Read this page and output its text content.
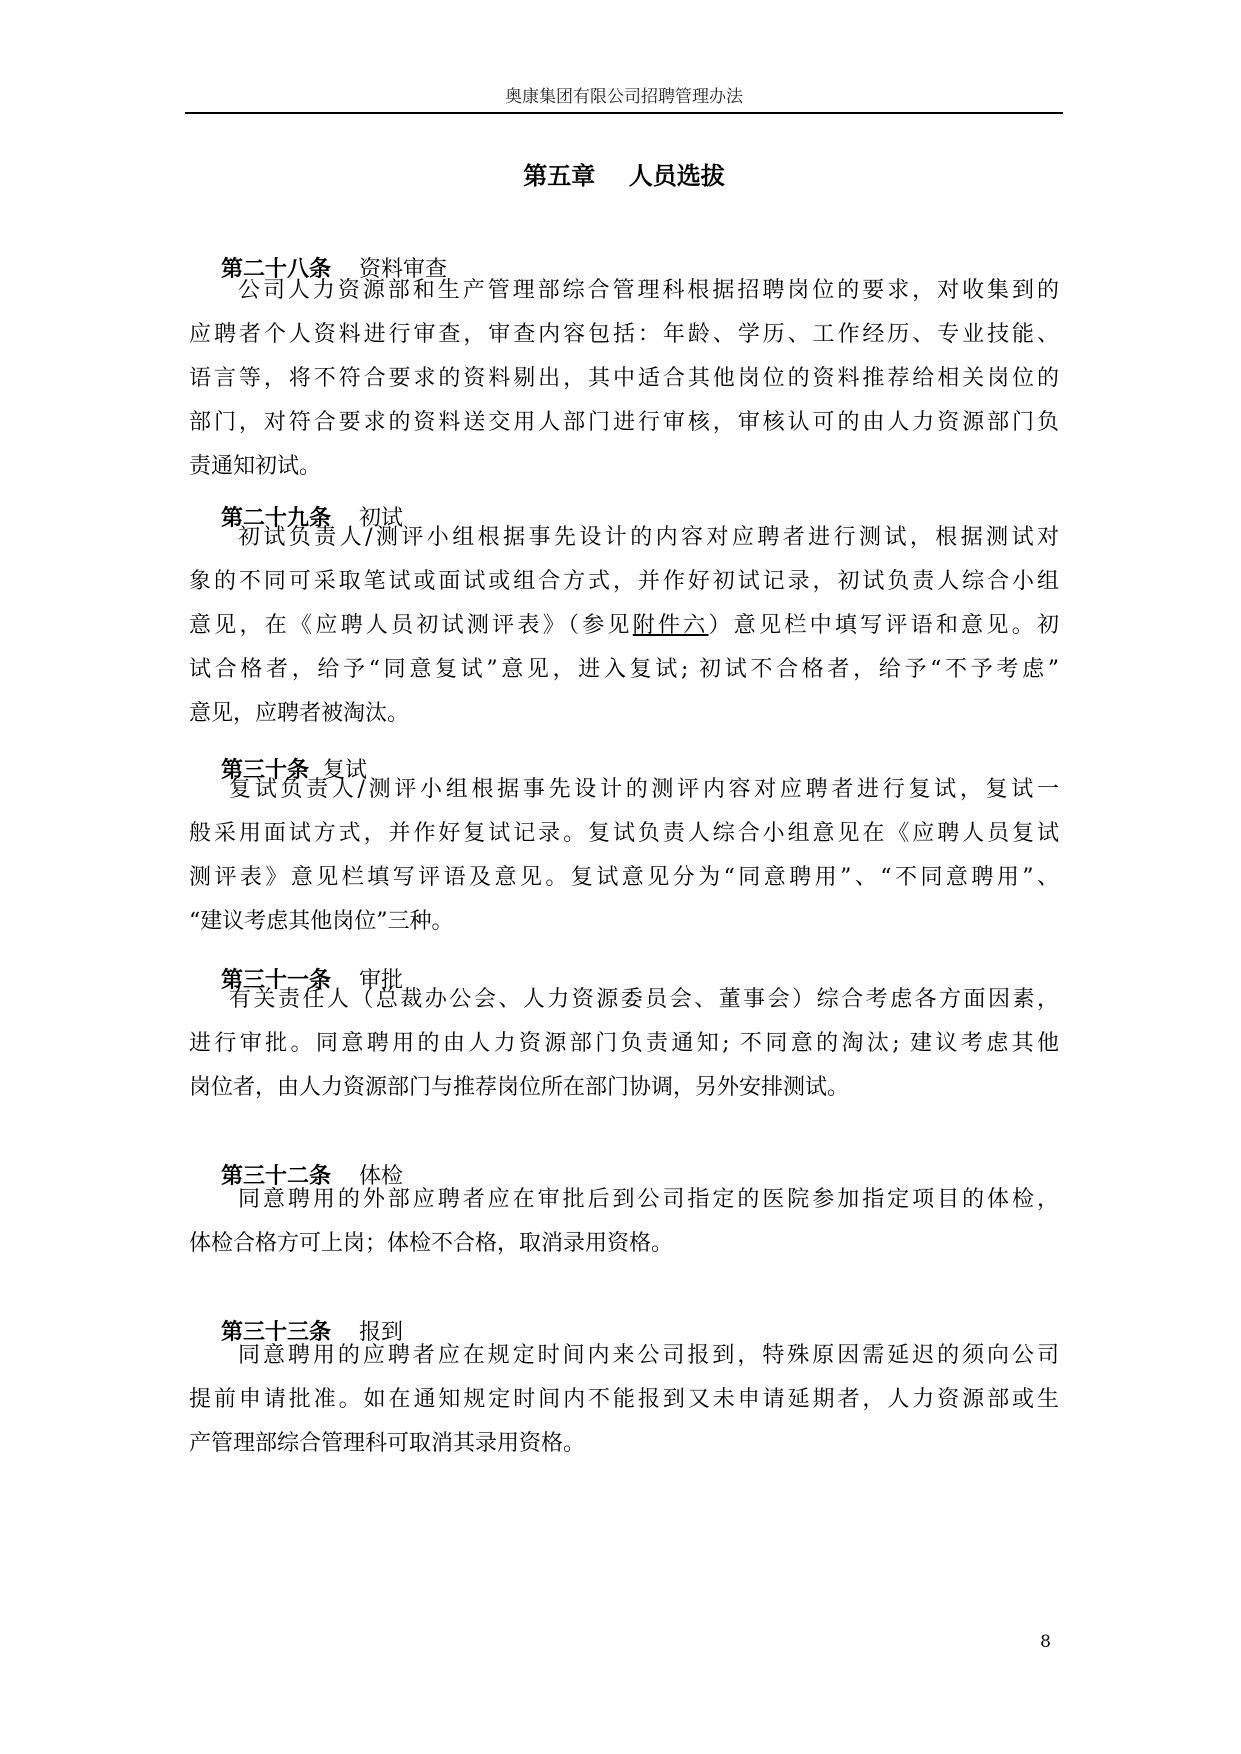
奥康集团有限公司招聘管理办法
第五章    人员选拔

第二十八条 资料审查

公司人力资源部和生产管理部综合管理科根据招聘岗位的要求，对收集到的
应聘者个人资料进行审查，审查内容包括：年龄、学历、工作经历、专业技能、
语言等，将不符合要求的资料剔出，其中适合其他岗位的资料推荐给相关岗位的
部门，对符合要求的资料送交用人部门进行审核，审核认可的由人力资源部门负
责通知初试。

第二十九条 初试

初试负责人/测评小组根据事先设计的内容对应聘者进行测试，根据测试对
象的不同可采取笔试或面试或组合方式，并作好初试记录，初试负责人综合小组
意见，在《应聘人员初试测评表》（参见附件六）意见栏中填写评语和意见。初
试合格者，给予“同意复试”意见，进入复试; 初试不合格者，给予“不予考虑”
意见，应聘者被淘汰。

第三十条 复试

复试负责人/测评小组根据事先设计的测评内容对应聘者进行复试，复试一
般采用面试方式，并作好复试记录。复试负责人综合小组意见在《应聘人员复试
测评表》意见栏填写评语及意见。复试意见分为“同意聘用”、“不同意聘用”、
“建议考虑其他岗位”三种。

第三十一条 审批

有关责任人（总裁办公会、人力资源委员会、董事会）综合考虑各方面因素，
进行审批。同意聘用的由人力资源部门负责通知; 不同意的淘汰; 建议考虑其他
岗位者，由人力资源部门与推荐岗位所在部门协调，另外安排测试。

第三十二条 体检

同意聘用的外部应聘者应在审批后到公司指定的医院参加指定项目的体检，
体检合格方可上岗；体检不合格，取消录用资格。

第三十三条 报到

同意聘用的应聘者应在规定时间内来公司报到，特殊原因需延迟的须向公司
提前申请批准。如在通知规定时间内不能报到又未申请延期者，人力资源部或生
产管理部综合管理科可取消其录用资格。
8
